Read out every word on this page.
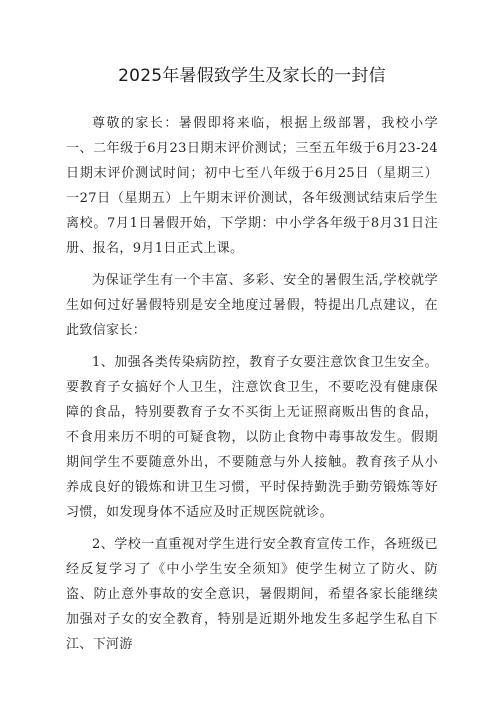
2025年暑假致学生及家长的一封信

尊敬的家长：暑假即将来临，根据上级部署，我校小学一、二年级于6月23日期末评价测试；三至五年级于6月23-24日期末评价测试时间；初中七至八年级于6月25日（星期三）一27日（星期五）上午期末评价测试，各年级测试结束后学生离校。7月1日暑假开始，下学期：中小学各年级于8月31日注册、报名，9月1日正式上课。

为保证学生有一个丰富、多彩、安全的暑假生活,学校就学生如何过好暑假特别是安全地度过暑假，特提出几点建议，在此致信家长：

1、加强各类传染病防控，教育子女要注意饮食卫生安全。要教育子女搞好个人卫生，注意饮食卫生，不要吃没有健康保障的食品，特别要教育子女不买街上无证照商贩出售的食品，不食用来历不明的可疑食物，以防止食物中毒事故发生。假期期间学生不要随意外出，不要随意与外人接触。教育孩子从小养成良好的锻炼和讲卫生习惯，平时保持勤洗手勤劳锻炼等好习惯，如发现身体不适应及时正规医院就诊。

2、学校一直重视对学生进行安全教育宣传工作，各班级已经反复学习了《中小学生安全须知》使学生树立了防火、防盗、防止意外事故的安全意识，暑假期间，希望各家长能继续加强对子女的安全教育，特别是近期外地发生多起学生私自下江、下河游
